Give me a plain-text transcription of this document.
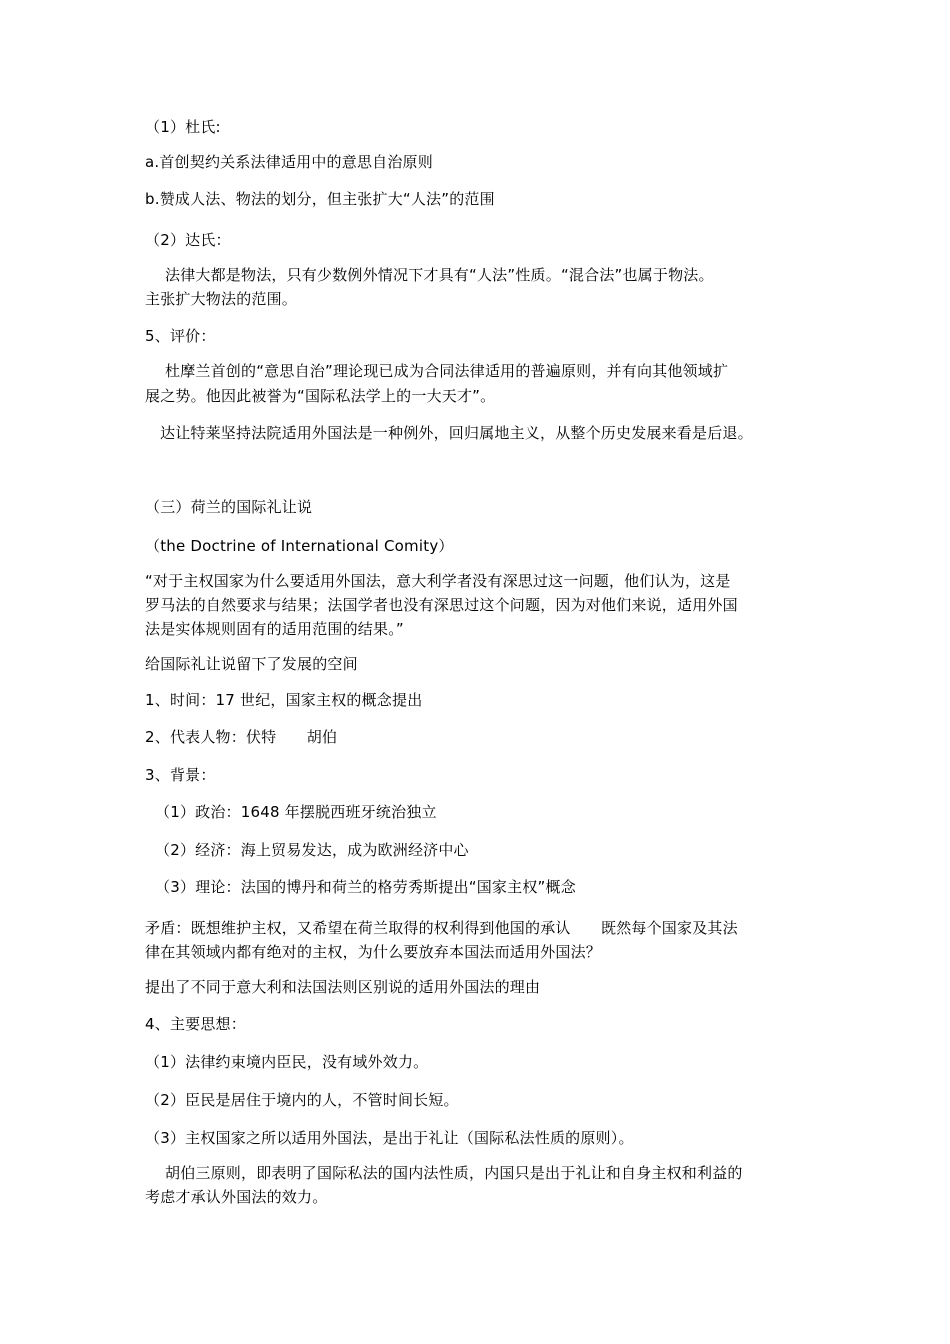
（1）杜氏:
a.首创契约关系法律适用中的意思自治原则
b.赞成人法、物法的划分，但主张扩大“人法”的范围
（2）达氏：
法律大都是物法，只有少数例外情况下才具有“人法”性质。“混合法”也属于物法。
主张扩大物法的范围。
5、评价：
杜摩兰首创的“意思自治”理论现已成为合同法律适用的普遍原则，并有向其他领域扩
展之势。他因此被誉为“国际私法学上的一大天才”。
达让特莱坚持法院适用外国法是一种例外，回归属地主义，从整个历史发展来看是后退。
（三）荷兰的国际礼让说
（the Doctrine of International Comity）
“对于主权国家为什么要适用外国法，意大利学者没有深思过这一问题，他们认为，这是
罗马法的自然要求与结果；法国学者也没有深思过这个问题，因为对他们来说，适用外国
法是实体规则固有的适用范围的结果。”
给国际礼让说留下了发展的空间
1、时间：17 世纪，国家主权的概念提出
2、代表人物：伏特　　胡伯
3、背景：
（1）政治：1648 年摆脱西班牙统治独立
（2）经济：海上贸易发达，成为欧洲经济中心
（3）理论：法国的博丹和荷兰的格劳秀斯提出“国家主权”概念
矛盾：既想维护主权，又希望在荷兰取得的权利得到他国的承认　　既然每个国家及其法
律在其领域内都有绝对的主权，为什么要放弃本国法而适用外国法？
提出了不同于意大利和法国法则区别说的适用外国法的理由
4、主要思想：
（1）法律约束境内臣民，没有域外效力。
（2）臣民是居住于境内的人，不管时间长短。
（3）主权国家之所以适用外国法，是出于礼让（国际私法性质的原则）。
胡伯三原则，即表明了国际私法的国内法性质，内国只是出于礼让和自身主权和利益的
考虑才承认外国法的效力。
